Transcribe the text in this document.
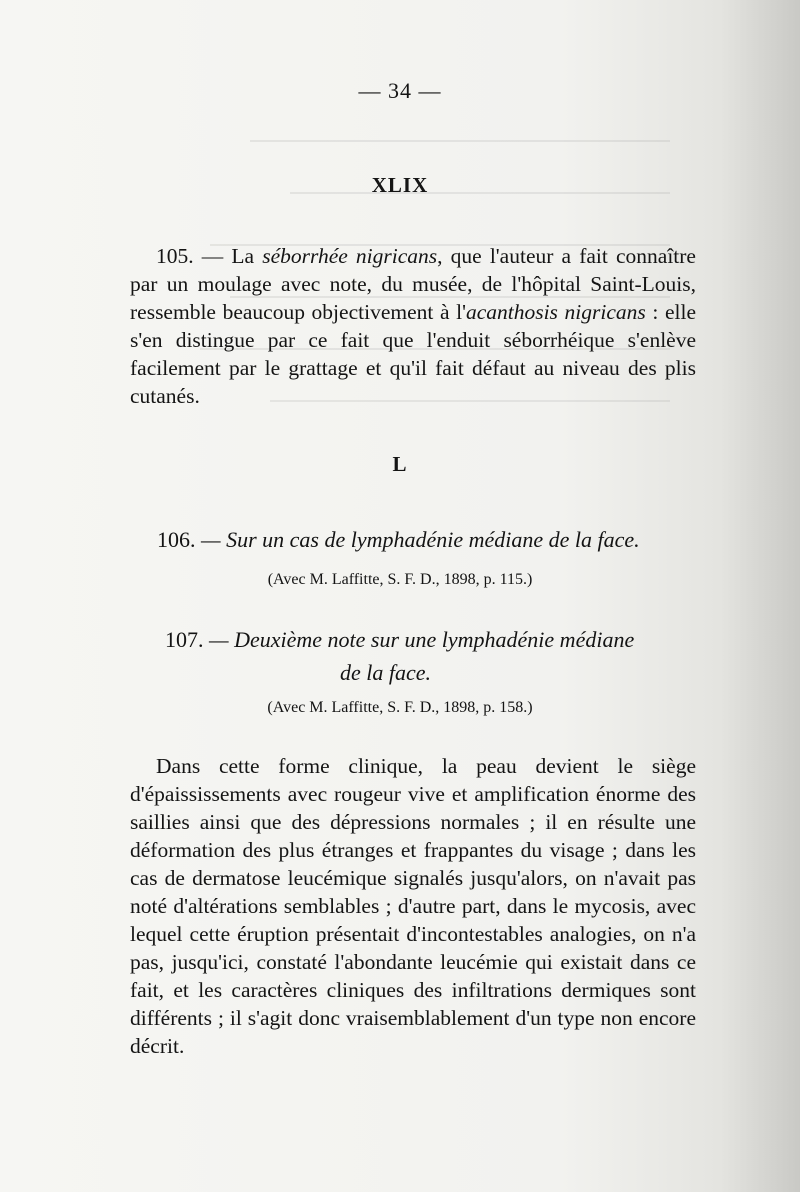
— 34 —
XLIX
105. — La séborrhée nigricans, que l'auteur a fait connaître par un moulage avec note, du musée, de l'hôpital Saint-Louis, ressemble beaucoup objectivement à l'acanthosis nigricans : elle s'en distingue par ce fait que l'enduit séborrhéique s'enlève facilement par le grattage et qu'il fait défaut au niveau des plis cutanés.
L
106. — Sur un cas de lymphadénie médiane de la face.
(Avec M. Laffitte, S. F. D., 1898, p. 115.)
107. — Deuxième note sur une lymphadénie médiane
de la face.
(Avec M. Laffitte, S. F. D., 1898, p. 158.)
Dans cette forme clinique, la peau devient le siège d'épaississements avec rougeur vive et amplification énorme des saillies ainsi que des dépressions normales ; il en résulte une déformation des plus étranges et frappantes du visage ; dans les cas de dermatose leucémique signalés jusqu'alors, on n'avait pas noté d'altérations semblables ; d'autre part, dans le mycosis, avec lequel cette éruption présentait d'incontestables analogies, on n'a pas, jusqu'ici, constaté l'abondante leucémie qui existait dans ce fait, et les caractères cliniques des infiltrations dermiques sont différents ; il s'agit donc vraisemblablement d'un type non encore décrit.
